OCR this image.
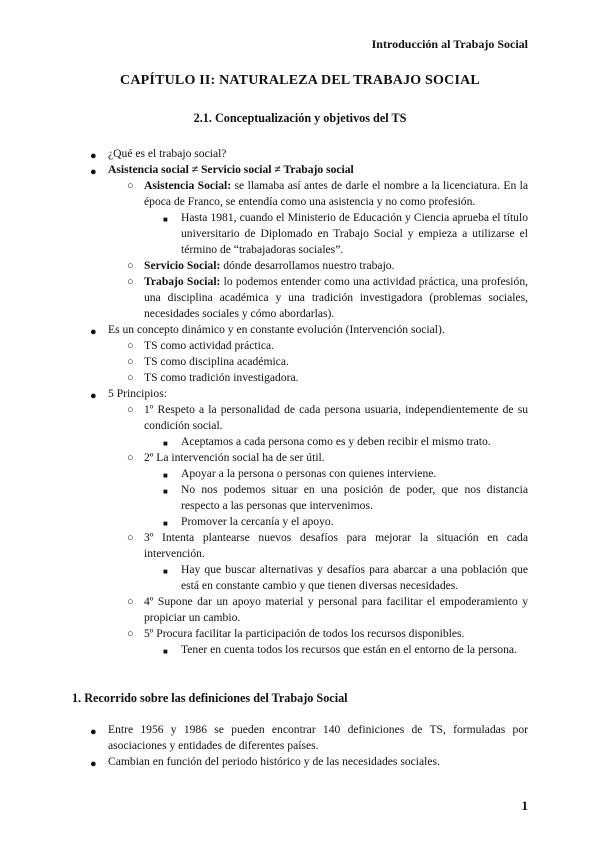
Introducción al Trabajo Social
CAPÍTULO II: NATURALEZA DEL TRABAJO SOCIAL
2.1. Conceptualización y objetivos del TS
● ¿Qué es el trabajo social?
● Asistencia social ≠ Servicio social ≠ Trabajo social
○ Asistencia Social: se llamaba así antes de darle el nombre a la licenciatura. En la época de Franco, se entendía como una asistencia y no como profesión.
■ Hasta 1981, cuando el Ministerio de Educación y Ciencia aprueba el título universitario de Diplomado en Trabajo Social y empieza a utilizarse el término de “trabajadoras sociales”.
○ Servicio Social: dónde desarrollamos nuestro trabajo.
○ Trabajo Social: lo podemos entender como una actividad práctica, una profesión, una disciplina académica y una tradición investigadora (problemas sociales, necesidades sociales y cómo abordarlas).
● Es un concepto dinámico y en constante evolución (Intervención social).
○ TS como actividad práctica.
○ TS como disciplina académica.
○ TS como tradición investigadora.
● 5 Principios:
○ 1º Respeto a la personalidad de cada persona usuaria, independientemente de su condición social.
■ Aceptamos a cada persona como es y deben recibir el mismo trato.
○ 2º La intervención social ha de ser útil.
■ Apoyar a la persona o personas con quienes interviene.
■ No nos podemos situar en una posición de poder, que nos distancia respecto a las personas que intervenimos.
■ Promover la cercanía y el apoyo.
○ 3º Intenta plantearse nuevos desafíos para mejorar la situación en cada intervención.
■ Hay que buscar alternativas y desafíos para abarcar a una población que está en constante cambio y que tienen diversas necesidades.
○ 4º Supone dar un apoyo material y personal para facilitar el empoderamiento y propiciar un cambio.
○ 5º Procura facilitar la participación de todos los recursos disponibles.
■ Tener en cuenta todos los recursos que están en el entorno de la persona.
1. Recorrido sobre las definiciones del Trabajo Social
● Entre 1956 y 1986 se pueden encontrar 140 definiciones de TS, formuladas por asociaciones y entidades de diferentes países.
● Cambian en función del periodo histórico y de las necesidades sociales.
1
